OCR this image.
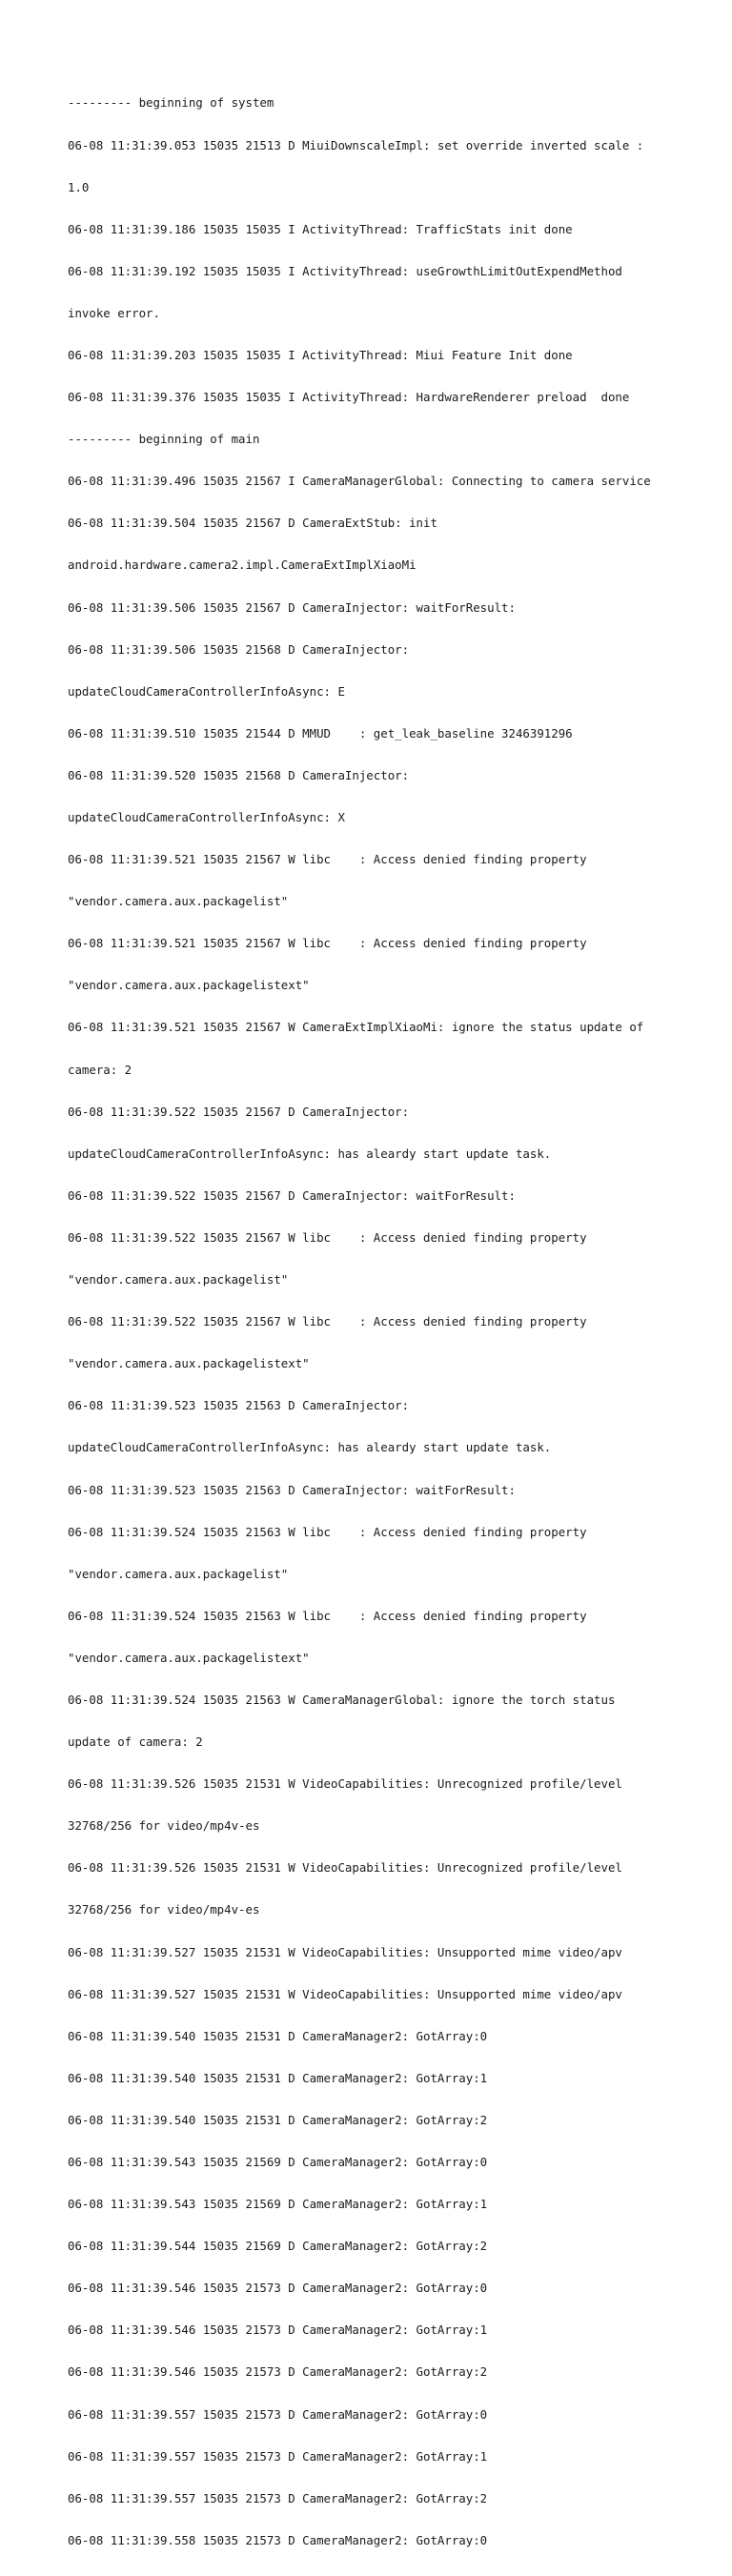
--------- beginning of system

06-08 11:31:39.053 15035 21513 D MiuiDownscaleImpl: set override inverted scale :

1.0

06-08 11:31:39.186 15035 15035 I ActivityThread: TrafficStats init done

06-08 11:31:39.192 15035 15035 I ActivityThread: useGrowthLimitOutExpendMethod

invoke error.

06-08 11:31:39.203 15035 15035 I ActivityThread: Miui Feature Init done

06-08 11:31:39.376 15035 15035 I ActivityThread: HardwareRenderer preload  done

--------- beginning of main

06-08 11:31:39.496 15035 21567 I CameraManagerGlobal: Connecting to camera service

06-08 11:31:39.504 15035 21567 D CameraExtStub: init

android.hardware.camera2.impl.CameraExtImplXiaoMi

06-08 11:31:39.506 15035 21567 D CameraInjector: waitForResult:

06-08 11:31:39.506 15035 21568 D CameraInjector:

updateCloudCameraControllerInfoAsync: E

06-08 11:31:39.510 15035 21544 D MMUD    : get_leak_baseline 3246391296

06-08 11:31:39.520 15035 21568 D CameraInjector:

updateCloudCameraControllerInfoAsync: X

06-08 11:31:39.521 15035 21567 W libc    : Access denied finding property

"vendor.camera.aux.packagelist"

06-08 11:31:39.521 15035 21567 W libc    : Access denied finding property

"vendor.camera.aux.packagelistext"

06-08 11:31:39.521 15035 21567 W CameraExtImplXiaoMi: ignore the status update of

camera: 2

06-08 11:31:39.522 15035 21567 D CameraInjector:

updateCloudCameraControllerInfoAsync: has aleardy start update task.

06-08 11:31:39.522 15035 21567 D CameraInjector: waitForResult:

06-08 11:31:39.522 15035 21567 W libc    : Access denied finding property

"vendor.camera.aux.packagelist"

06-08 11:31:39.522 15035 21567 W libc    : Access denied finding property

"vendor.camera.aux.packagelistext"

06-08 11:31:39.523 15035 21563 D CameraInjector:

updateCloudCameraControllerInfoAsync: has aleardy start update task.

06-08 11:31:39.523 15035 21563 D CameraInjector: waitForResult:

06-08 11:31:39.524 15035 21563 W libc    : Access denied finding property

"vendor.camera.aux.packagelist"

06-08 11:31:39.524 15035 21563 W libc    : Access denied finding property

"vendor.camera.aux.packagelistext"

06-08 11:31:39.524 15035 21563 W CameraManagerGlobal: ignore the torch status

update of camera: 2

06-08 11:31:39.526 15035 21531 W VideoCapabilities: Unrecognized profile/level

32768/256 for video/mp4v-es

06-08 11:31:39.526 15035 21531 W VideoCapabilities: Unrecognized profile/level

32768/256 for video/mp4v-es

06-08 11:31:39.527 15035 21531 W VideoCapabilities: Unsupported mime video/apv

06-08 11:31:39.527 15035 21531 W VideoCapabilities: Unsupported mime video/apv

06-08 11:31:39.540 15035 21531 D CameraManager2: GotArray:0

06-08 11:31:39.540 15035 21531 D CameraManager2: GotArray:1

06-08 11:31:39.540 15035 21531 D CameraManager2: GotArray:2

06-08 11:31:39.543 15035 21569 D CameraManager2: GotArray:0

06-08 11:31:39.543 15035 21569 D CameraManager2: GotArray:1

06-08 11:31:39.544 15035 21569 D CameraManager2: GotArray:2

06-08 11:31:39.546 15035 21573 D CameraManager2: GotArray:0

06-08 11:31:39.546 15035 21573 D CameraManager2: GotArray:1

06-08 11:31:39.546 15035 21573 D CameraManager2: GotArray:2

06-08 11:31:39.557 15035 21573 D CameraManager2: GotArray:0

06-08 11:31:39.557 15035 21573 D CameraManager2: GotArray:1

06-08 11:31:39.557 15035 21573 D CameraManager2: GotArray:2

06-08 11:31:39.558 15035 21573 D CameraManager2: GotArray:0
